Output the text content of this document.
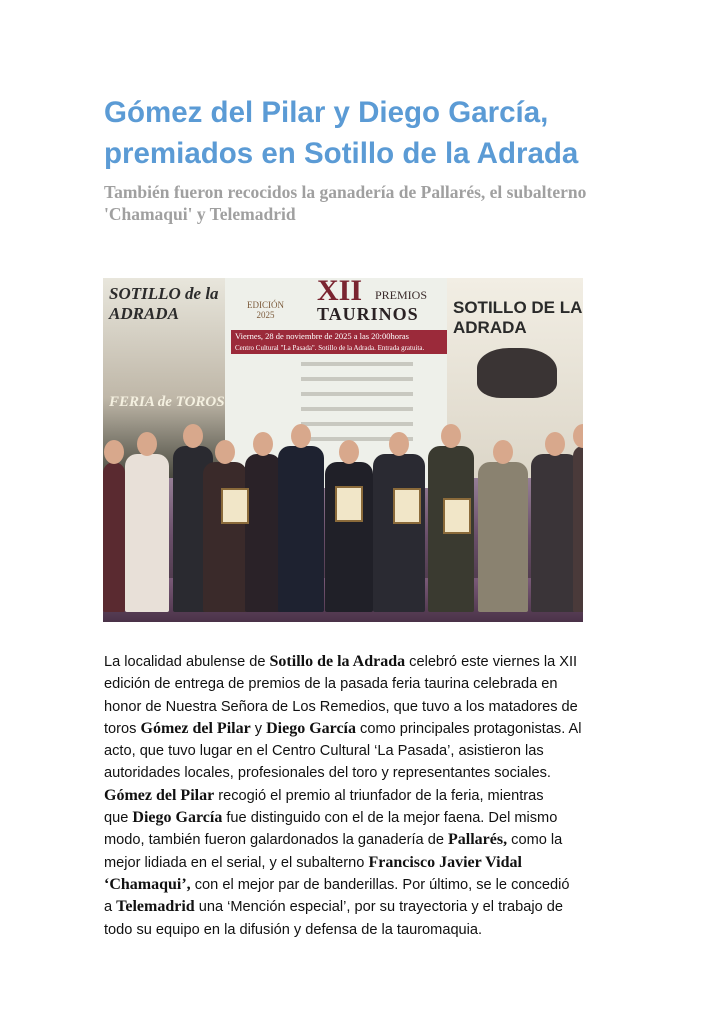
Gómez del Pilar y Diego García,
premiados en Sotillo de la Adrada
También fueron recocidos la ganadería de Pallarés, el subalterno
'Chamaqui' y Telemadrid
SOTILLO de la ADRADA
FERIA de TOROS
EDICIÓN
2025
XII PREMIOS
TAURINOS
Viernes, 28 de noviembre de 2025 a las 20:00horas
Centro Cultural "La Pasada". Sotillo de la Adrada. Entrada gratuita.
SOTILLO DE LA ADRADA
La localidad abulense de Sotillo de la Adrada celebró este viernes la XII
edición de entrega de premios de la pasada feria taurina celebrada en
honor de Nuestra Señora de Los Remedios, que tuvo a los matadores de
toros Gómez del Pilar y Diego García como principales protagonistas. Al
acto, que tuvo lugar en el Centro Cultural ‘La Pasada’, asistieron las
autoridades locales, profesionales del toro y representantes sociales.
Gómez del Pilar recogió el premio al triunfador de la feria, mientras
que Diego García fue distinguido con el de la mejor faena. Del mismo
modo, también fueron galardonados la ganadería de Pallarés, como la
mejor lidiada en el serial, y el subalterno Francisco Javier Vidal
‘Chamaqui’, con el mejor par de banderillas. Por último, se le concedió
a Telemadrid una ‘Mención especial’, por su trayectoria y el trabajo de
todo su equipo en la difusión y defensa de la tauromaquia.
